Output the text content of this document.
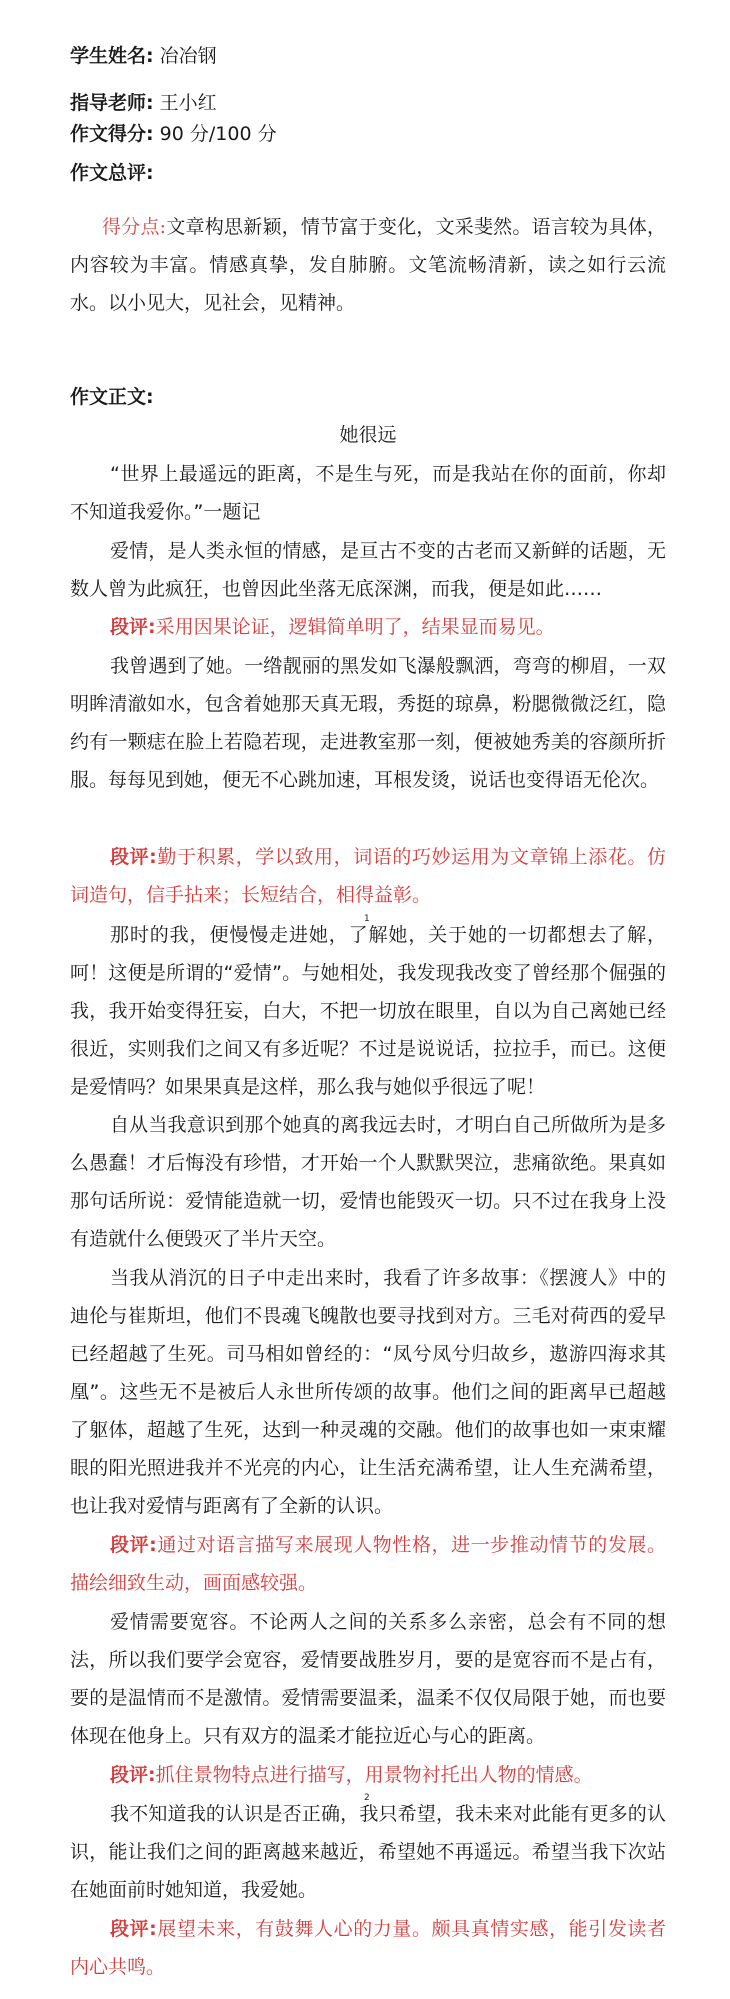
学生姓名: 冶冶钢
指导老师: 王小红
作文得分: 90 分/100 分
作文总评:
得分点:文章构思新颖，情节富于变化，文采斐然。语言较为具体，内容较为丰富。情感真挚，发自肺腑。文笔流畅清新，读之如行云流水。以小见大，见社会，见精神。
作文正文:
她很远
“世界上最遥远的距离，不是生与死，而是我站在你的面前，你却不知道我爱你。”一题记
爱情，是人类永恒的情感，是亘古不变的古老而又新鲜的话题，无数人曾为此疯狂，也曾因此坐落无底深渊，而我，便是如此……
段评:采用因果论证，逻辑简单明了，结果显而易见。
我曾遇到了她。一绺靓丽的黑发如飞瀑般飘洒，弯弯的柳眉，一双明眸清澈如水，包含着她那天真无瑕，秀挺的琼鼻，粉腮微微泛红，隐约有一颗痣在脸上若隐若现，走进教室那一刻，便被她秀美的容颜所折服。每每见到她，便无不心跳加速，耳根发烫，说话也变得语无伦次。
段评:勤于积累，学以致用，词语的巧妙运用为文章锦上添花。仿词造句，信手拈来；长短结合，相得益彰。
那时的我，便慢慢走进她，了解她，关于她的一切都想去了解，呵！这便是所谓的“爱情”。与她相处，我发现我改变了曾经那个倔强的我，我开始变得狂妄，白大，不把一切放在眼里，自以为自己离她已经很近，实则我们之间又有多近呢？不过是说说话，拉拉手，而已。这便是爱情吗？如果果真是这样，那么我与她似乎很远了呢！
自从当我意识到那个她真的离我远去时，才明白自己所做所为是多么愚蠢！才后悔没有珍惜，才开始一个人默默哭泣，悲痛欲绝。果真如那句话所说：爱情能造就一切，爱情也能毁灭一切。只不过在我身上没有造就什么便毁灭了半片天空。
当我从消沉的日子中走出来时，我看了许多故事：《摆渡人》中的迪伦与崔斯坦，他们不畏魂飞魄散也要寻找到对方。三毛对荷西的爱早已经超越了生死。司马相如曾经的：“凤兮凤兮归故乡，遨游四海求其凰”。这些无不是被后人永世所传颂的故事。他们之间的距离早已超越了躯体，超越了生死，达到一种灵魂的交融。他们的故事也如一束束耀眼的阳光照进我并不光亮的内心，让生活充满希望，让人生充满希望，也让我对爱情与距离有了全新的认识。
段评:通过对语言描写来展现人物性格，进一步推动情节的发展。描绘细致生动，画面感较强。
爱情需要宽容。不论两人之间的关系多么亲密，总会有不同的想法，所以我们要学会宽容，爱情要战胜岁月，要的是宽容而不是占有，要的是温情而不是激情。爱情需要温柔，温柔不仅仅局限于她，而也要体现在他身上。只有双方的温柔才能拉近心与心的距离。
段评:抓住景物特点进行描写，用景物衬托出人物的情感。
我不知道我的认识是否正确，我只希望，我未来对此能有更多的认识，能让我们之间的距离越来越近，希望她不再遥远。希望当我下次站在她面前时她知道，我爱她。
段评:展望未来，有鼓舞人心的力量。颇具真情实感，能引发读者内心共鸣。
1
2
